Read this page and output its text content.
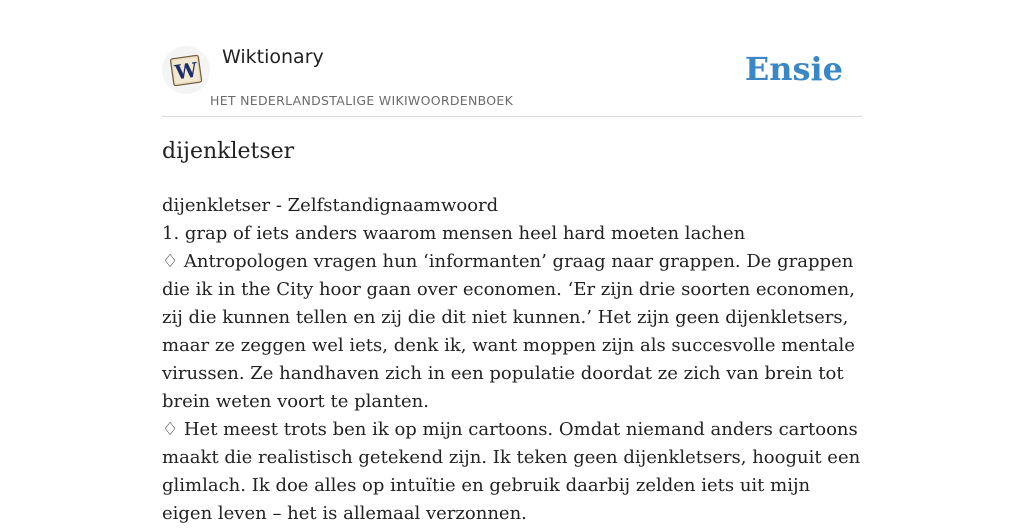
W
Wiktionary
HET NEDERLANDSTALIGE WIKIWOORDENBOEK
Ensie
dijenkletser

dijenkletser - Zelfstandignaamwoord

1. grap of iets anders waarom mensen heel hard moeten lachen

♢ Antropologen vragen hun ‘informanten’ graag naar grappen. De grappen die ik in the City hoor gaan over economen. ‘Er zijn drie soorten economen, zij die kunnen tellen en zij die dit niet kunnen.’ Het zijn geen dijenkletsers, maar ze zeggen wel iets, denk ik, want moppen zijn als succesvolle mentale virussen. Ze handhaven zich in een populatie doordat ze zich van brein tot brein weten voort te planten.

♢ Het meest trots ben ik op mijn cartoons. Omdat niemand anders cartoons maakt die realistisch getekend zijn. Ik teken geen dijenkletsers, hooguit een glimlach. Ik doe alles op intuïtie en gebruik daarbij zelden iets uit mijn eigen leven – het is allemaal verzonnen.
